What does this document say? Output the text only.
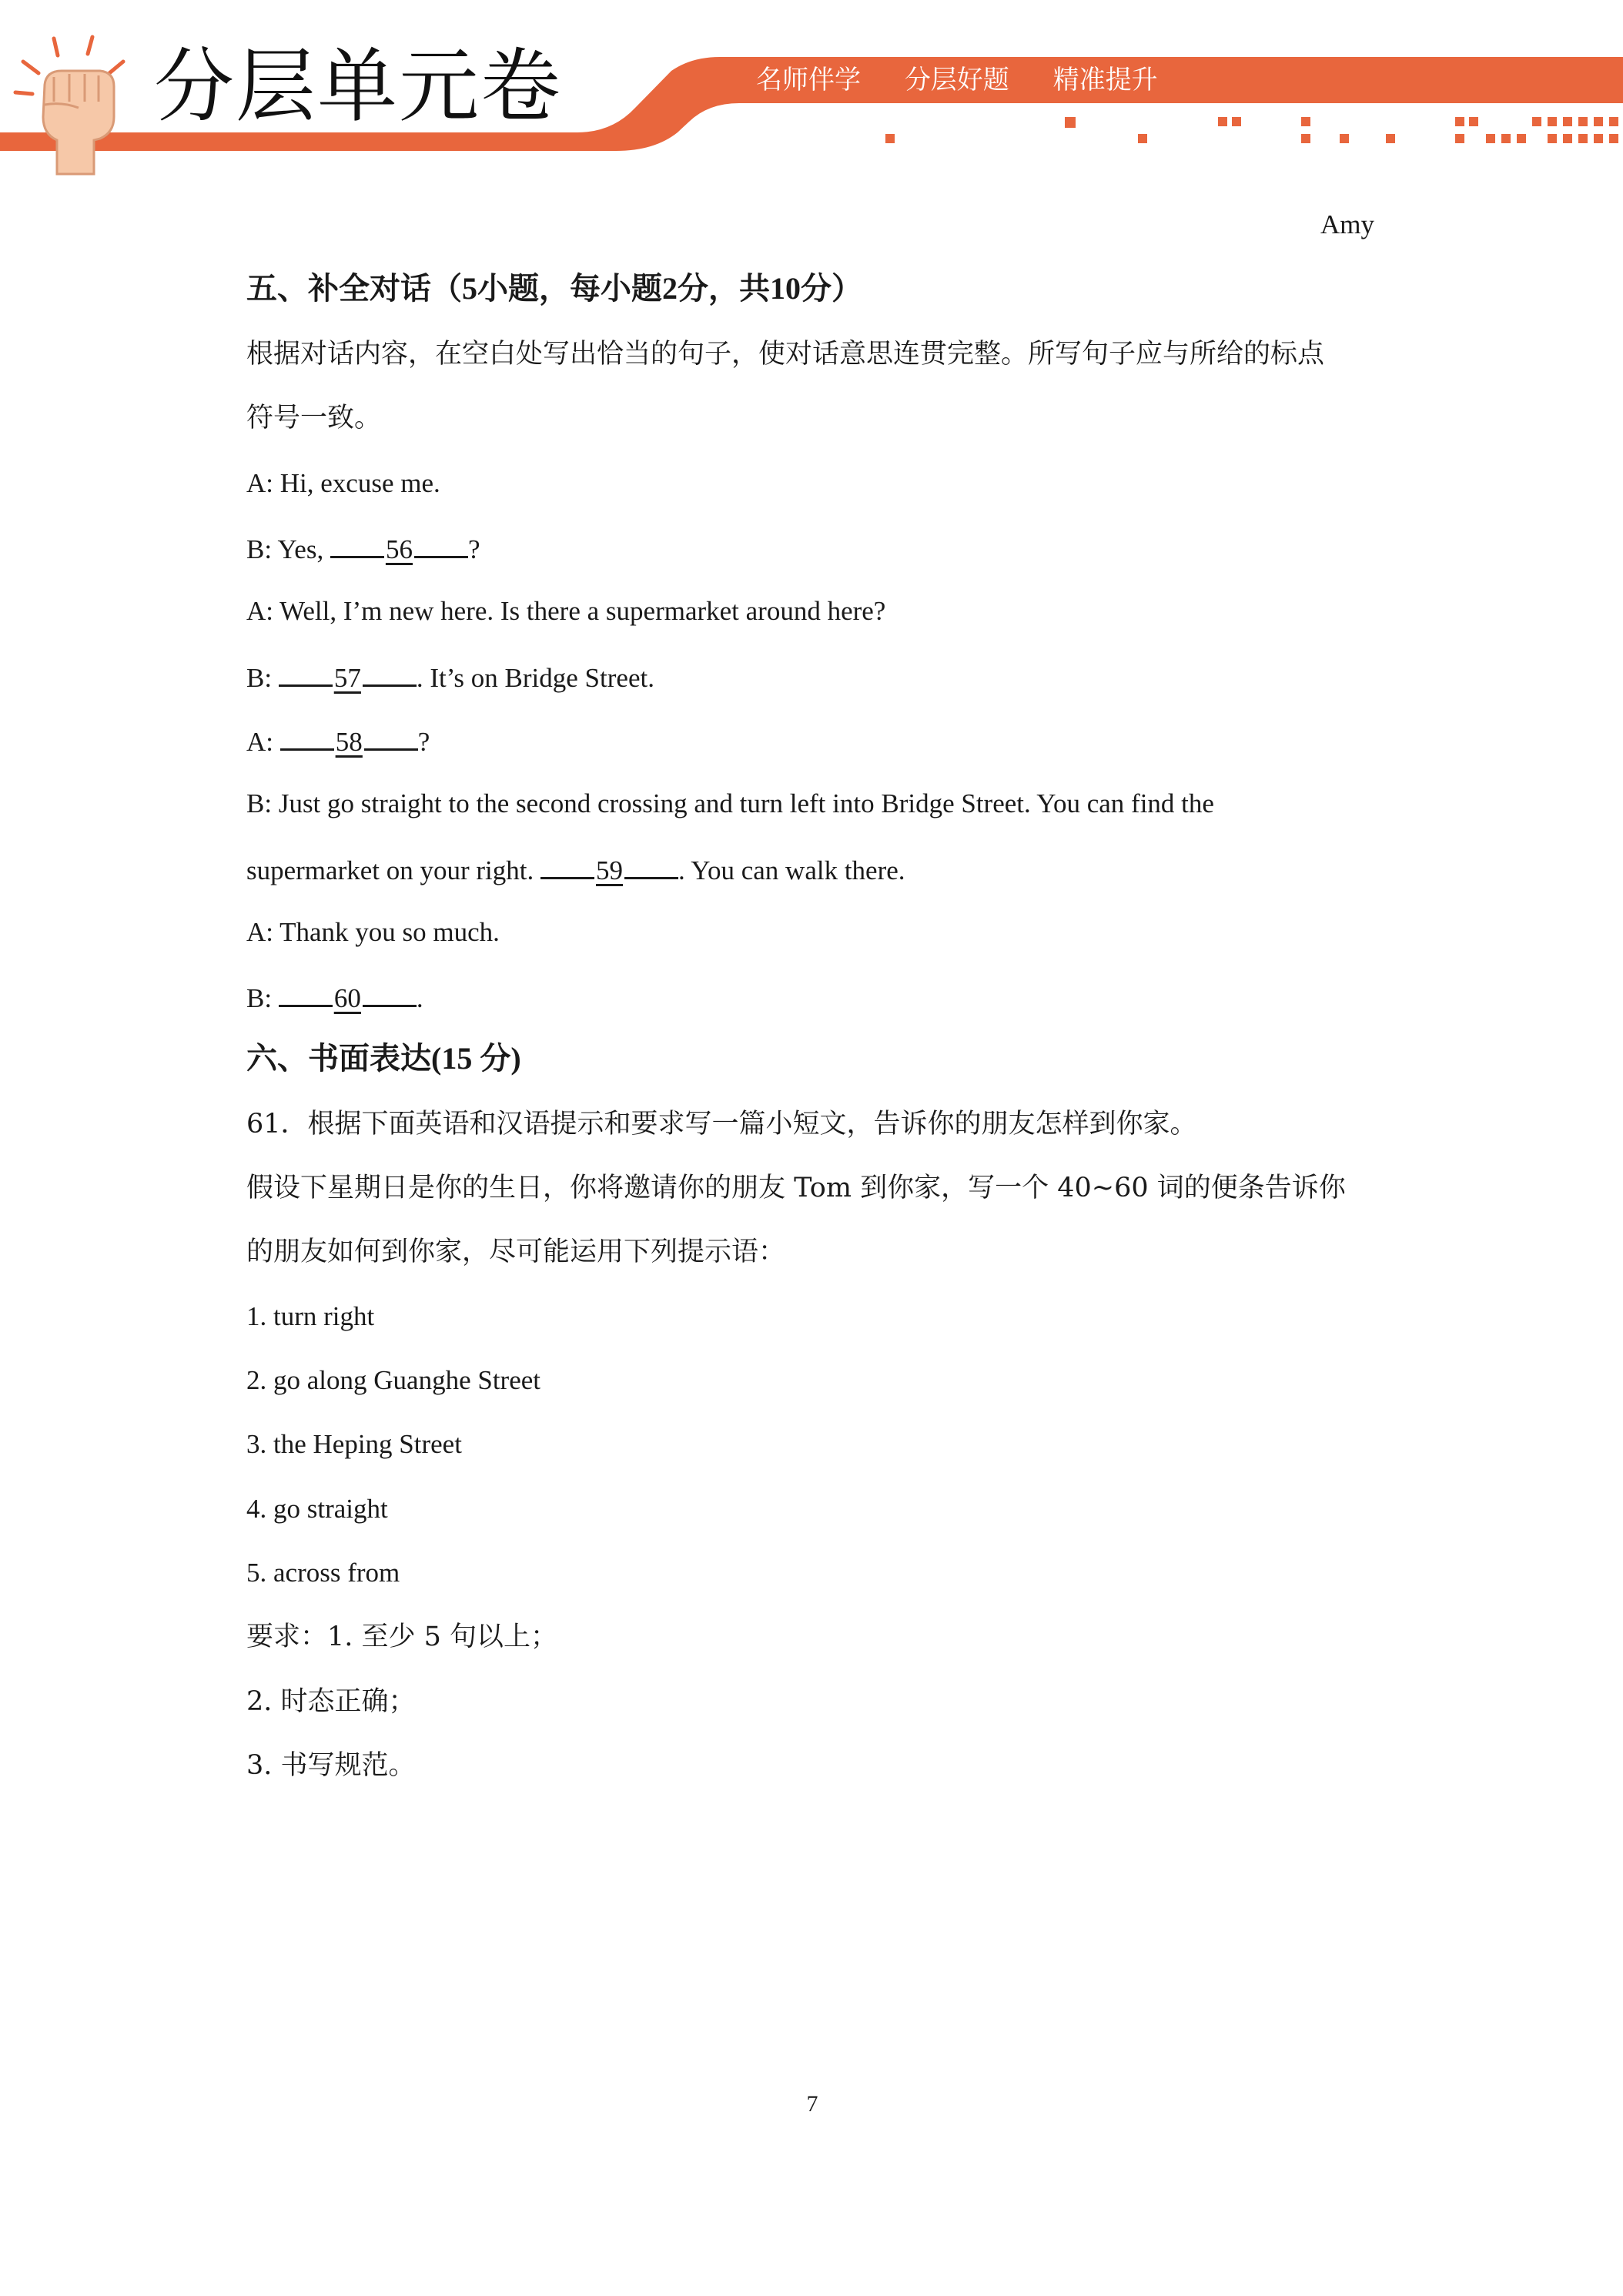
分层单元卷	名师伴学 分层好题 精准提升
Amy
五、补全对话（5小题，每小题2分，共10分）
根据对话内容，在空白处写出恰当的句子，使对话意思连贯完整。所写句子应与所给的标点
符号一致。
A: Hi, excuse me.
B: Yes, 56 ?
A: Well, I’m new here. Is there a supermarket around here?
B: 57 . It’s on Bridge Street.
A: 58 ?
B: Just go straight to the second crossing and turn left into Bridge Street. You can find the
supermarket on your right. 59 . You can walk there.
A: Thank you so much.
B: 60 .
六、书面表达(15 分)
61．根据下面英语和汉语提示和要求写一篇小短文，告诉你的朋友怎样到你家。
假设下星期日是你的生日，你将邀请你的朋友 Tom 到你家，写一个 40~60 词的便条告诉你
的朋友如何到你家，尽可能运用下列提示语：
1. turn right
2. go along Guanghe Street
3. the Heping Street
4. go straight
5. across from
要求：1. 至少 5 句以上；
2. 时态正确；
3. 书写规范。
7
